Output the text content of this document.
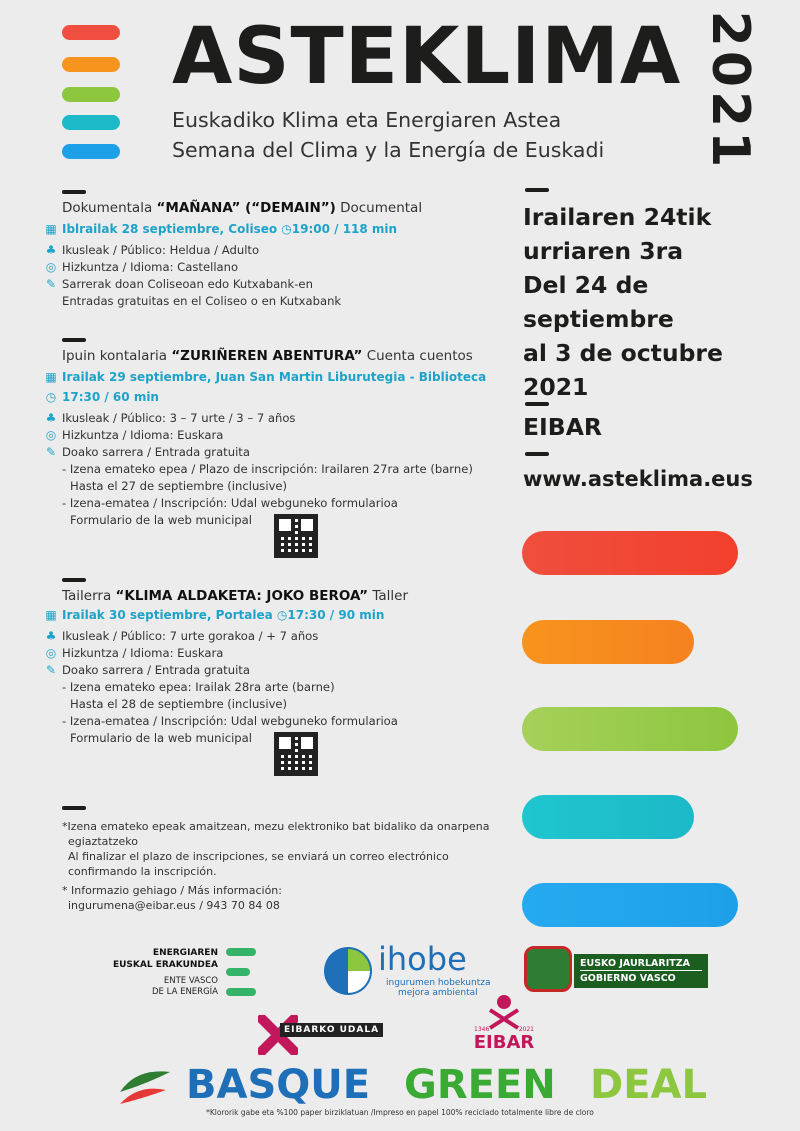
ASTEKLIMA 2021
Euskadiko Klima eta Energiaren Astea
Semana del Clima y la Energía de Euskadi
Dokumentala “MAÑANA” (“DEMAIN”) Documental
▦ Iblrailak 28 septiembre, Coliseo ◷19:00 / 118 min
♣ Ikusleak / Público: Heldua / Adulto
◎ Hizkuntza / Idioma: Castellano
✎ Sarrerak doan Coliseoan edo Kutxabank-en
Entradas gratuitas en el Coliseo o en Kutxabank
Ipuin kontalaria “ZURIÑEREN ABENTURA” Cuenta cuentos
▦ Irailak 29 septiembre, Juan San Martin Liburutegia - Biblioteca
◷ 17:30 / 60 min
♣ Ikusleak / Público: 3 – 7 urte / 3 – 7 años
◎ Hizkuntza / Idioma: Euskara
✎ Doako sarrera / Entrada gratuita
- Izena emateko epea / Plazo de inscripción: Irailaren 27ra arte (barne)
Hasta el 27 de septiembre (inclusive)
- Izena-ematea / Inscripción: Udal webguneko formularioa
Formulario de la web municipal
Tailerra “KLIMA ALDAKETA: JOKO BEROA” Taller
▦ Irailak 30 septiembre, Portalea ◷17:30 / 90 min
♣ Ikusleak / Público: 7 urte gorakoa / + 7 años
◎ Hizkuntza / Idioma: Euskara
✎ Doako sarrera / Entrada gratuita
- Izena emateko epea: Irailak 28ra arte (barne)
Hasta el 28 de septiembre (inclusive)
- Izena-ematea / Inscripción: Udal webguneko formularioa
Formulario de la web municipal
*Izena emateko epeak amaitzean, mezu elektroniko bat bidaliko da onarpena
egiaztatzeko
Al finalizar el plazo de inscripciones, se enviará un correo electrónico
confirmando la inscripción.
* Informazio gehiago / Más información:
ingurumena@eibar.eus / 943 70 84 08
Irailaren 24tik
urriaren 3ra
Del 24 de
septiembre
al 3 de octubre
2021
EIBAR
www.asteklima.eus
ENERGIAREN
EUSKAL ERAKUNDEA
ENTE VASCO
DE LA ENERGÍA
ihobe
ingurumen hobekuntza
mejora ambiental
EUSKO JAURLARITZA
GOBIERNO VASCO
EIBARKO UDALA	1346	2021
EIBAR
BASQUE GREEN DEAL
*Klororik gabe eta %100 paper birziklatuan /Impreso en papel 100% reciclado totalmente libre de cloro
